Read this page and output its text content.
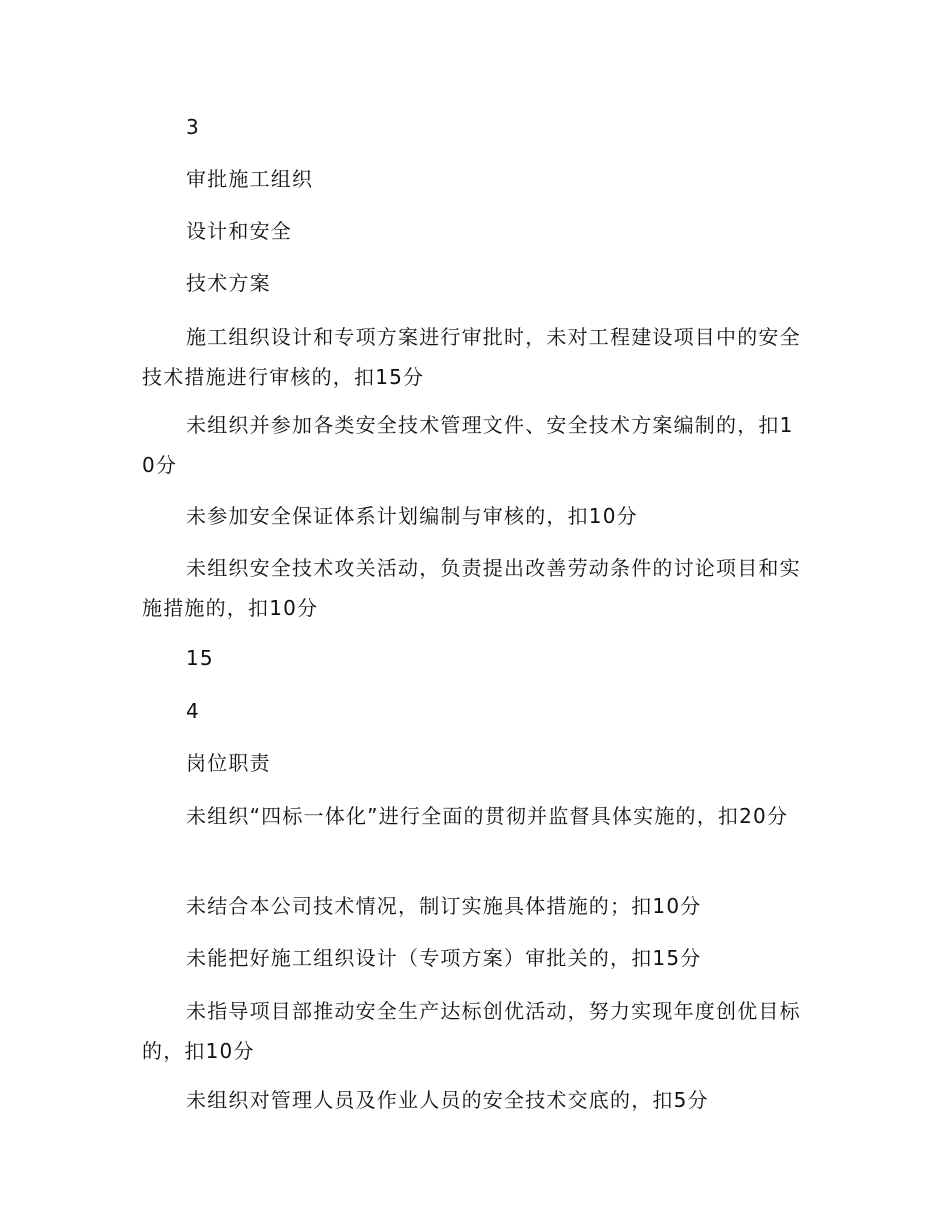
3

审批施工组织

设计和安全

技术方案

施工组织设计和专项方案进行审批时，未对工程建设项目中的安全技术措施进行审核的，扣15分

未组织并参加各类安全技术管理文件、安全技术方案编制的，扣10分

未参加安全保证体系计划编制与审核的，扣10分

未组织安全技术攻关活动，负责提出改善劳动条件的讨论项目和实施措施的，扣10分

15

4

岗位职责

未组织“四标一体化”进行全面的贯彻并监督具体实施的，扣20分

未结合本公司技术情况，制订实施具体措施的；扣10分

未能把好施工组织设计（专项方案）审批关的，扣15分

未指导项目部推动安全生产达标创优活动，努力实现年度创优目标的，扣10分

未组织对管理人员及作业人员的安全技术交底的，扣5分
